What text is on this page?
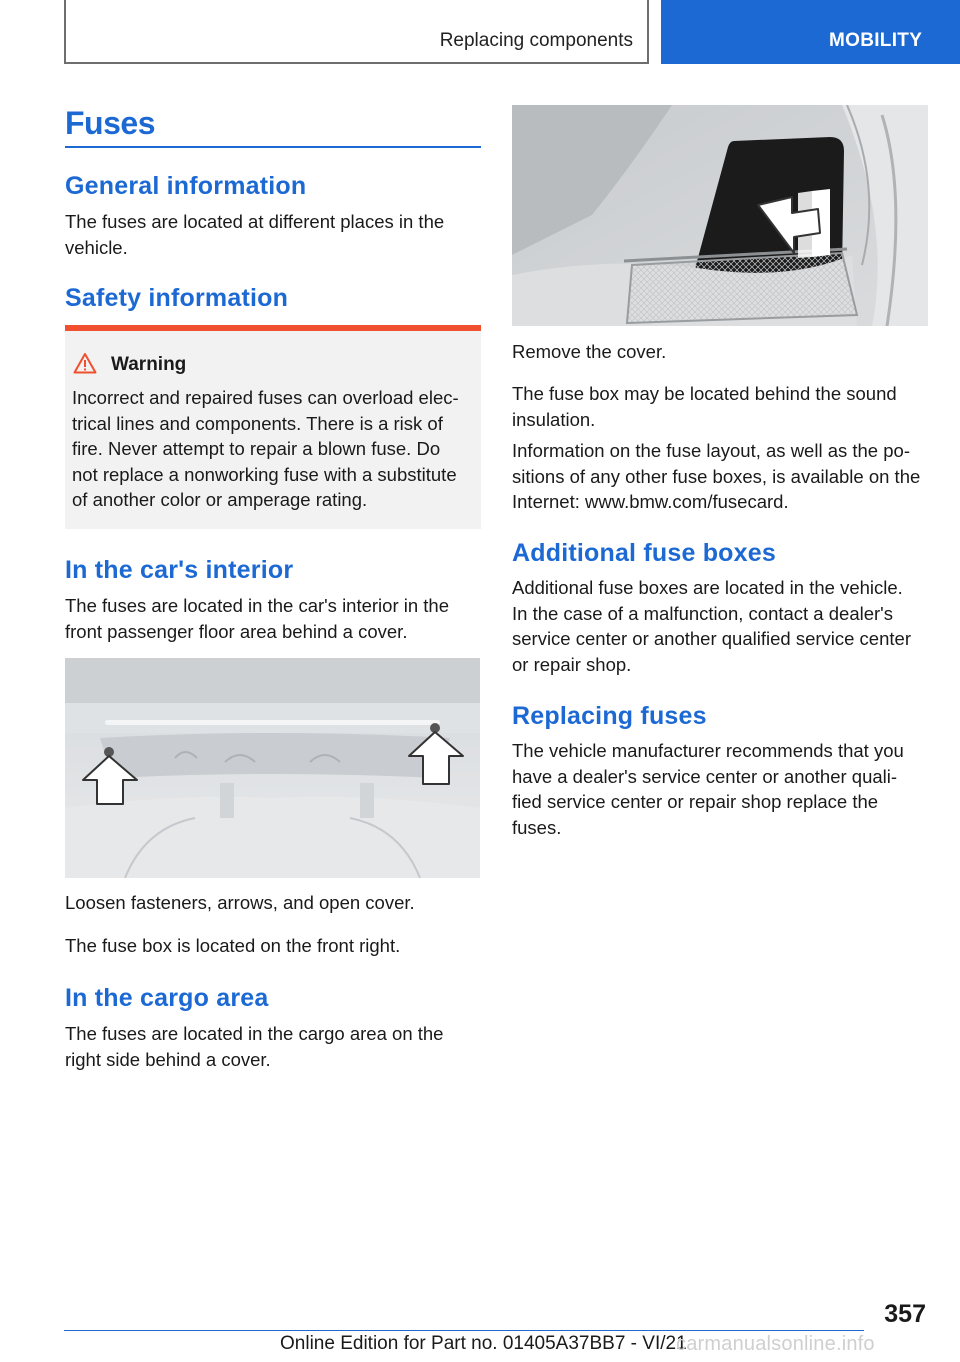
Replacing components	MOBILITY
Fuses
General information

The fuses are located at different places in the
vehicle.

Safety information
Warning

Incorrect and repaired fuses can overload elec-
trical lines and components. There is a risk of
fire. Never attempt to repair a blown fuse. Do
not replace a nonworking fuse with a substitute
of another color or amperage rating.

In the car's interior

The fuses are located in the car's interior in the
front passenger floor area behind a cover.

Loosen fasteners, arrows, and open cover.

The fuse box is located on the front right.

In the cargo area

The fuses are located in the cargo area on the
right side behind a cover.

Remove the cover.

The fuse box may be located behind the sound
insulation.

Information on the fuse layout, as well as the po-
sitions of any other fuse boxes, is available on the
Internet: www.bmw.com/fusecard.

Additional fuse boxes

Additional fuse boxes are located in the vehicle.
In the case of a malfunction, contact a dealer's
service center or another qualified service center
or repair shop.

Replacing fuses

The vehicle manufacturer recommends that you
have a dealer's service center or another quali-
fied service center or repair shop replace the
fuses.

357
Online Edition for Part no. 01405A37BB7 - VI/21
carmanualsonline.info
